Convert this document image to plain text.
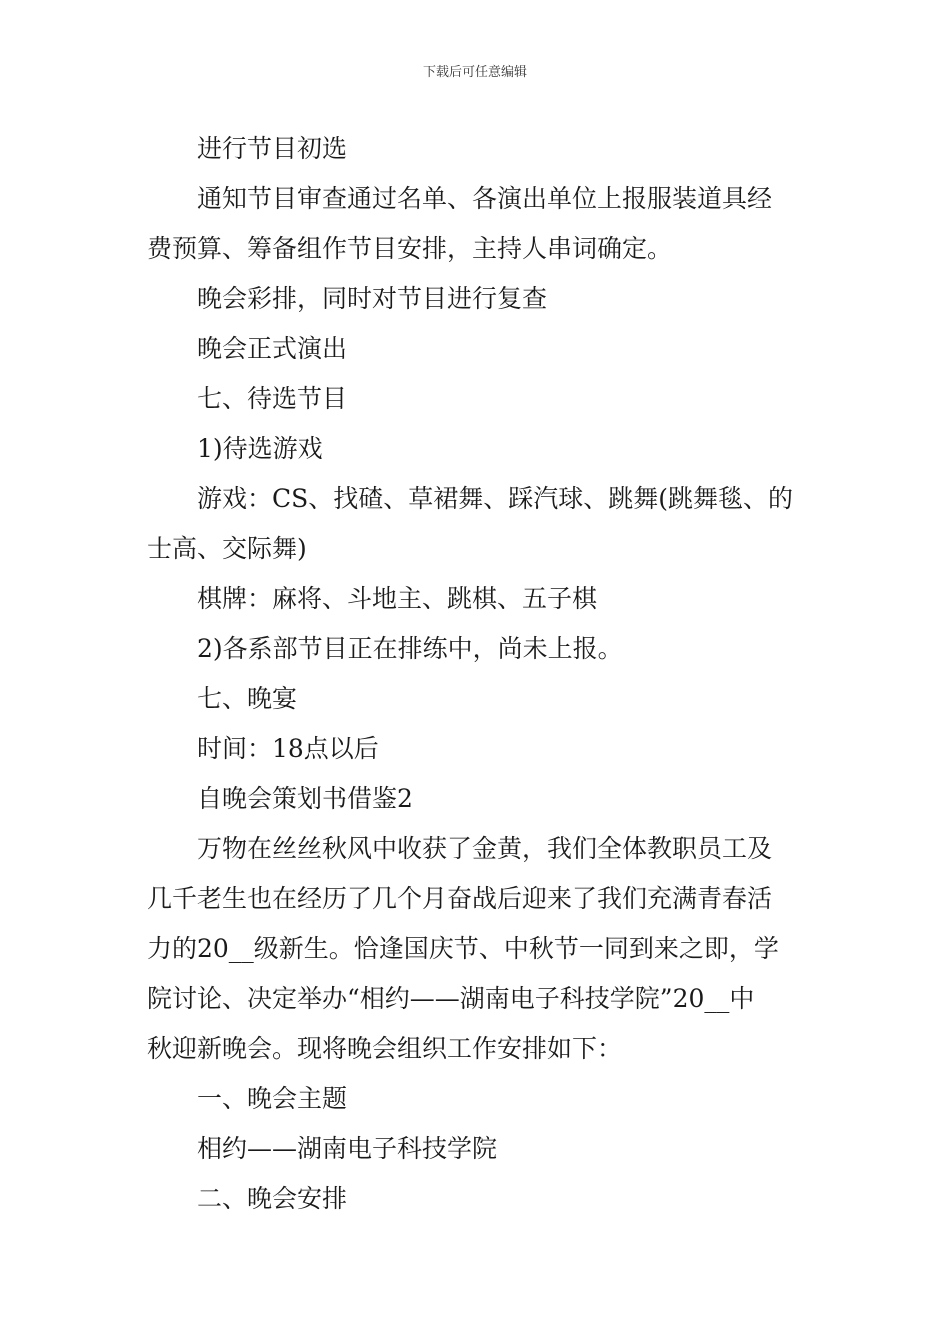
下载后可任意编辑
进行节目初选
通知节目审查通过名单、各演出单位上报服装道具经
费预算、筹备组作节目安排，主持人串词确定。
晚会彩排，同时对节目进行复查
晚会正式演出
七、待选节目
1)待选游戏
游戏：CS、找碴、草裙舞、踩汽球、跳舞(跳舞毯、的
士高、交际舞)
棋牌：麻将、斗地主、跳棋、五子棋
2)各系部节目正在排练中，尚未上报。
七、晚宴
时间：18点以后
自晚会策划书借鉴2
万物在丝丝秋风中收获了金黄，我们全体教职员工及
几千老生也在经历了几个月奋战后迎来了我们充满青春活
力的20__级新生。恰逢国庆节、中秋节一同到来之即，学
院讨论、决定举办“相约——湖南电子科技学院”20__中
秋迎新晚会。现将晚会组织工作安排如下：
一、晚会主题
相约——湖南电子科技学院
二、晚会安排
